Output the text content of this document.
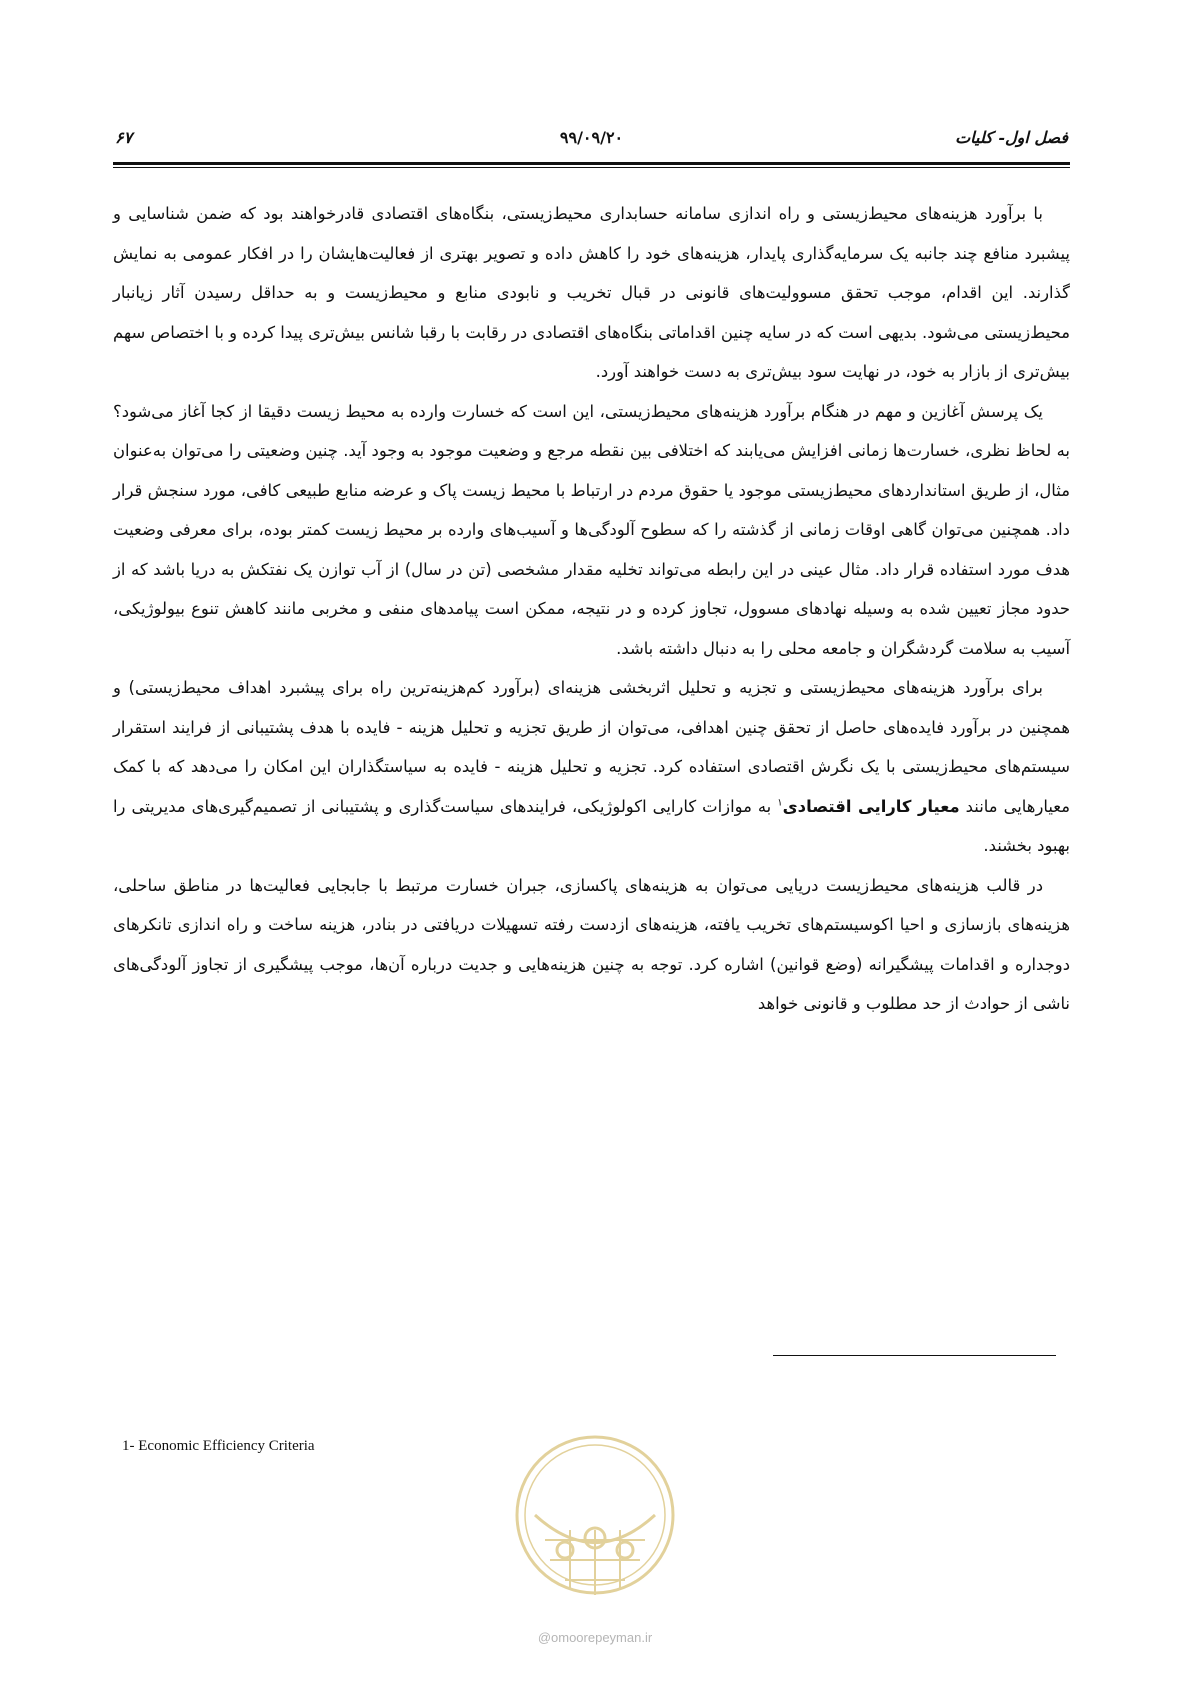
فصل اول- کلیات
۹۹/۰۹/۲۰
۶۷

با برآورد هزینه‌های محیط‌زیستی و راه اندازی سامانه حسابداری محیط‌زیستی، بنگاه‌های اقتصادی قادرخواهند بود که ضمن شناسایی و پیشبرد منافع چند جانبه یک سرمایه‌گذاری پایدار، هزینه‌های خود را کاهش داده و تصویر بهتری از فعالیت‌هایشان را در افکار عمومی به نمایش گذارند. این اقدام، موجب تحقق مسوولیت‌های قانونی در قبال تخریب و نابودی منابع و محیط‌زیست و به حداقل رسیدن آثار زیانبار محیط‌زیستی می‌شود. بدیهی است که در سایه چنین اقداماتی بنگاه‌های اقتصادی در رقابت با رقبا شانس بیش‌تری پیدا کرده و با اختصاص سهم بیش‌تری از بازار به خود، در نهایت سود بیش‌تری به دست خواهند آورد.

یک پرسش آغازین و مهم در هنگام برآورد هزینه‌های محیط‌زیستی، این است که خسارت وارده به محیط زیست دقیقا از کجا آغاز می‌شود؟ به لحاظ نظری، خسارت‌ها زمانی افزایش می‌یابند که اختلافی بین نقطه مرجع و وضعیت موجود به وجود آید. چنین وضعیتی را می‌توان به‌عنوان مثال، از طریق استانداردهای محیط‌زیستی موجود یا حقوق مردم در ارتباط با محیط زیست پاک و عرضه منابع طبیعی کافی، مورد سنجش قرار داد. همچنین می‌توان گاهی اوقات زمانی از گذشته را که سطوح آلودگی‌ها و آسیب‌های وارده بر محیط زیست کمتر بوده، برای معرفی وضعیت هدف مورد استفاده قرار داد. مثال عینی در این رابطه می‌تواند تخلیه مقدار مشخصی (تن در سال) از آب توازن یک نفتکش به دریا باشد که از حدود مجاز تعیین شده به وسیله نهادهای مسوول، تجاوز کرده و در نتیجه، ممکن است پیامدهای منفی و مخربی مانند کاهش تنوع بیولوژیکی، آسیب به سلامت گردشگران و جامعه محلی را به دنبال داشته باشد.

برای برآورد هزینه‌های محیط‌زیستی و تجزیه و تحلیل اثربخشی هزینه‌ای (برآورد کم‌هزینه‌ترین راه برای پیشبرد اهداف محیط‌زیستی) و همچنین در برآورد فایده‌های حاصل از تحقق چنین اهدافی، می‌توان از طریق تجزیه و تحلیل هزینه - فایده با هدف پشتیبانی از فرایند استقرار سیستم‌های محیط‌زیستی با یک نگرش اقتصادی استفاده کرد. تجزیه و تحلیل هزینه - فایده به سیاستگذاران این امکان را می‌دهد که با کمک معیارهایی مانند معیار کارایی اقتصادی$^۱$ به موازات کارایی اکولوژیکی، فرایندهای سیاست‌گذاری و پشتیبانی از تصمیم‌گیری‌های مدیریتی را بهبود بخشند.

در قالب هزینه‌های محیط‌زیست دریایی می‌توان به هزینه‌های پاکسازی، جبران خسارت مرتبط با جابجایی فعالیت‌ها در مناطق ساحلی، هزینه‌های بازسازی و احیا اکوسیستم‌های تخریب یافته، هزینه‌های ازدست رفته تسهیلات دریافتی در بنادر، هزینه ساخت و راه اندازی تانکرهای دوجداره و اقدامات پیشگیرانه (وضع قوانین) اشاره کرد. توجه به چنین هزینه‌هایی و جدیت درباره آن‌ها، موجب پیشگیری از تجاوز آلودگی‌های ناشی از حوادث از حد مطلوب و قانونی خواهد

1- Economic Efficiency Criteria
@omoorepeyman.ir
